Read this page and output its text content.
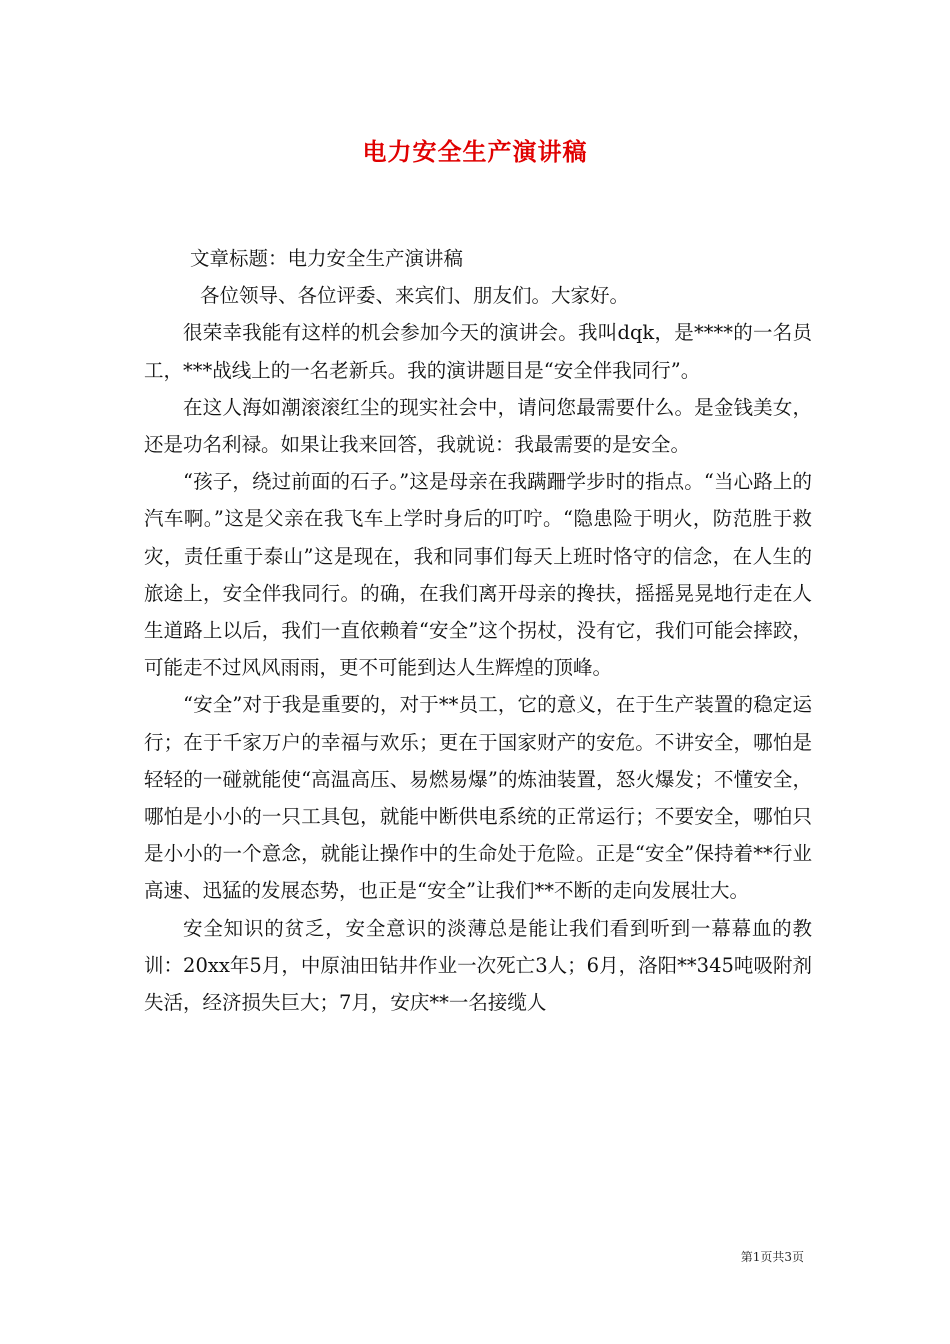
电力安全生产演讲稿

文章标题：电力安全生产演讲稿

各位领导、各位评委、来宾们、朋友们。大家好。

很荣幸我能有这样的机会参加今天的演讲会。我叫dqk，是****的一名员工，***战线上的一名老新兵。我的演讲题目是“安全伴我同行”。

在这人海如潮滚滚红尘的现实社会中，请问您最需要什么。是金钱美女，还是功名利禄。如果让我来回答，我就说：我最需要的是安全。

“孩子，绕过前面的石子。”这是母亲在我蹒跚学步时的指点。“当心路上的汽车啊。”这是父亲在我飞车上学时身后的叮咛。“隐患险于明火，防范胜于救灾，责任重于泰山”这是现在，我和同事们每天上班时恪守的信念，在人生的旅途上，安全伴我同行。的确，在我们离开母亲的搀扶，摇摇晃晃地行走在人生道路上以后，我们一直依赖着“安全”这个拐杖，没有它，我们可能会摔跤，可能走不过风风雨雨，更不可能到达人生辉煌的顶峰。

“安全”对于我是重要的，对于**员工，它的意义，在于生产装置的稳定运行；在于千家万户的幸福与欢乐；更在于国家财产的安危。不讲安全，哪怕是轻轻的一碰就能使“高温高压、易燃易爆”的炼油装置，怒火爆发；不懂安全，哪怕是小小的一只工具包，就能中断供电系统的正常运行；不要安全，哪怕只是小小的一个意念，就能让操作中的生命处于危险。正是“安全”保持着**行业高速、迅猛的发展态势，也正是“安全”让我们**不断的走向发展壮大。

安全知识的贫乏，安全意识的淡薄总是能让我们看到听到一幕幕血的教训：20xx年5月，中原油田钻井作业一次死亡3人；6月，洛阳**345吨吸附剂失活，经济损失巨大；7月，安庆**一名接缆人

第1页共3页
